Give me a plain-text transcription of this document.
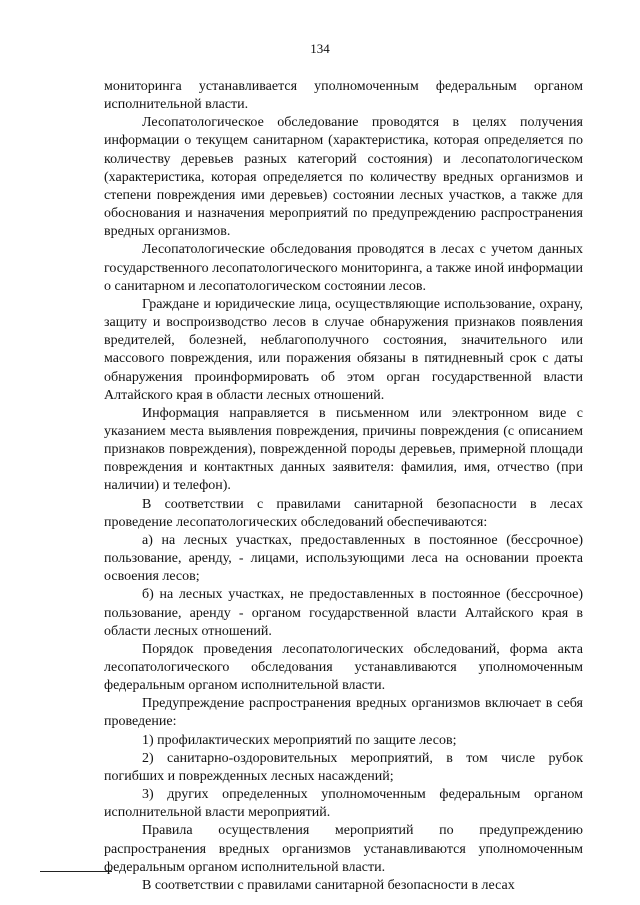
134

мониторинга устанавливается уполномоченным федеральным органом исполнительной власти.

Лесопатологическое обследование проводятся в целях получения информации о текущем санитарном (характеристика, которая определяется по количеству деревьев разных категорий состояния) и лесопатологическом (характеристика, которая определяется по количеству вредных организмов и степени повреждения ими деревьев) состоянии лесных участков, а также для обоснования и назначения мероприятий по предупреждению распространения вредных организмов.

Лесопатологические обследования проводятся в лесах с учетом данных государственного лесопатологического мониторинга, а также иной информации о санитарном и лесопатологическом состоянии лесов.

Граждане и юридические лица, осуществляющие использование, охрану, защиту и воспроизводство лесов в случае обнаружения признаков появления вредителей, болезней, неблагополучного состояния, значительного или массового повреждения, или поражения обязаны в пятидневный срок с даты обнаружения проинформировать об этом орган государственной власти Алтайского края в области лесных отношений.

Информация направляется в письменном или электронном виде с указанием места выявления повреждения, причины повреждения (с описанием признаков повреждения), поврежденной породы деревьев, примерной площади повреждения и контактных данных заявителя: фамилия, имя, отчество (при наличии) и телефон).

В соответствии с правилами санитарной безопасности в лесах проведение лесопатологических обследований обеспечиваются:

а) на лесных участках, предоставленных в постоянное (бессрочное) пользование, аренду, - лицами, использующими леса на основании проекта освоения лесов;

б) на лесных участках, не предоставленных в постоянное (бессрочное) пользование, аренду - органом государственной власти Алтайского края в области лесных отношений.

Порядок проведения лесопатологических обследований, форма акта лесопатологического обследования устанавливаются уполномоченным федеральным органом исполнительной власти.

Предупреждение распространения вредных организмов включает в себя проведение:

1) профилактических мероприятий по защите лесов;

2) санитарно-оздоровительных мероприятий, в том числе рубок погибших и поврежденных лесных насаждений;

3) других определенных уполномоченным федеральным органом исполнительной власти мероприятий.

Правила осуществления мероприятий по предупреждению распространения вредных организмов устанавливаются уполномоченным федеральным органом исполнительной власти.

В соответствии с правилами санитарной безопасности в лесах
